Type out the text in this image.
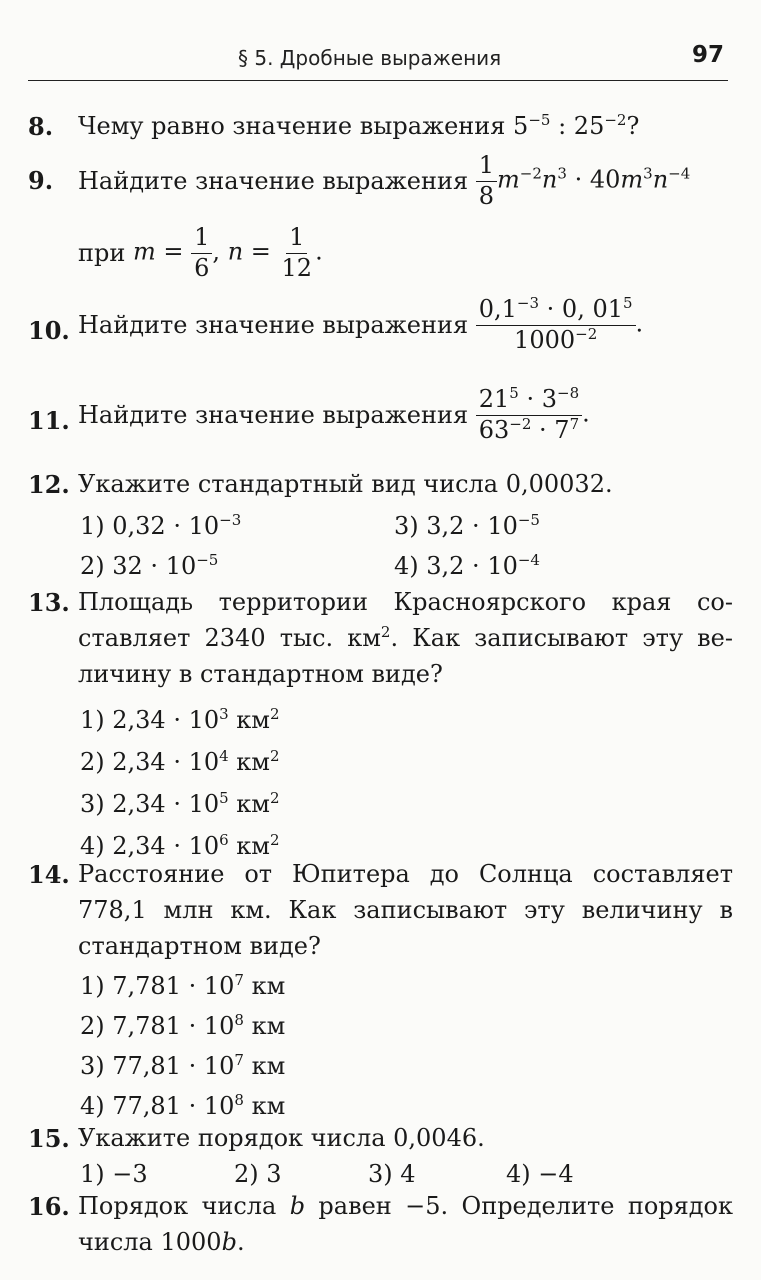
§ 5. Дробные выражения	97
8. Чему равно значение выражения $5^{-5}$ : $25^{-2}$?
9. Найдите значение выражения $\frac{1}{8} m^{-2}n^3 \cdot 40m^3n^{-4}$
при $m = \frac{1}{6}$ , $n = \frac{1}{12}$ .
10. Найдите значение выражения $\frac{0,1^{-3} \cdot 0, 01^5}{1000^{-2}}$ .
11. Найдите значение выражения $\frac{21^5 \cdot 3^{-8}}{63^{-2} \cdot 7^7}$ .
12. Укажите стандартный вид числа 0,00032.
1) $0,32 \cdot 10^{-3}$
2) $32 \cdot 10^{-5}$
3) $3,2 \cdot 10^{-5}$
4) $3,2 \cdot 10^{-4}$
13. Площадь территории Красноярского края со-
ставляет 2340 тыс. $км^2$. Как записывают эту ве-
личину в стандартном виде?
1) $2,34 \cdot 10^3$ $км^2$
2) $2,34 \cdot 10^4$ $км^2$
3) $2,34 \cdot 10^5$ $км^2$
4) $2,34 \cdot 10^6$ $км^2$
14. Расстояние от Юпитера до Солнца составляет
778,1 млн км. Как записывают эту величину в
стандартном виде?
1) $7,781 \cdot 10^7$ км
2) $7,781 \cdot 10^8$ км
3) $77,81 \cdot 10^7$ км
4) $77,81 \cdot 10^8$ км
15. Укажите порядок числа 0,0046.
1) −3	2) 3	3) 4	4) −4
16. Порядок числа b равен −5. Определите порядок
числа 1000b.
